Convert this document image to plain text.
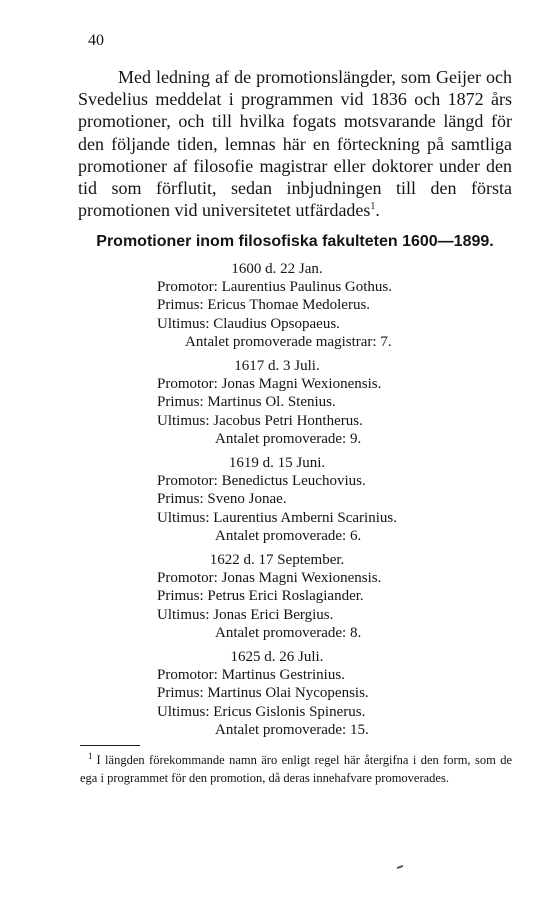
40

Med ledning af de promotionslängder, som Geijer och Svedelius meddelat i programmen vid 1836 och 1872 års promotioner, och till hvilka fogats motsvarande längd för den följande tiden, lemnas här en förteckning på samtliga promotioner af filosofie magistrar eller doktorer under den tid som förflutit, sedan inbjudningen till den första promotionen vid universitetet utfärdades$^1$.

Promotioner inom filosofiska fakulteten 1600—1899.
1600 d. 22 Jan.
Promotor: Laurentius Paulinus Gothus.
Primus: Ericus Thomae Medolerus.
Ultimus: Claudius Opsopaeus.
Antalet promoverade magistrar: 7.
1617 d. 3 Juli.
Promotor: Jonas Magni Wexionensis.
Primus: Martinus Ol. Stenius.
Ultimus: Jacobus Petri Hontherus.
Antalet promoverade: 9.
1619 d. 15 Juni.
Promotor: Benedictus Leuchovius.
Primus: Sveno Jonae.
Ultimus: Laurentius Amberni Scarinius.
Antalet promoverade: 6.
1622 d. 17 September.
Promotor: Jonas Magni Wexionensis.
Primus: Petrus Erici Roslagiander.
Ultimus: Jonas Erici Bergius.
Antalet promoverade: 8.
1625 d. 26 Juli.
Promotor: Martinus Gestrinius.
Primus: Martinus Olai Nycopensis.
Ultimus: Ericus Gislonis Spinerus.
Antalet promoverade: 15.
$^1$ I längden förekommande namn äro enligt regel här återgifna i den form, som de ega i programmet för den promotion, då deras innehafvare promoverades.
